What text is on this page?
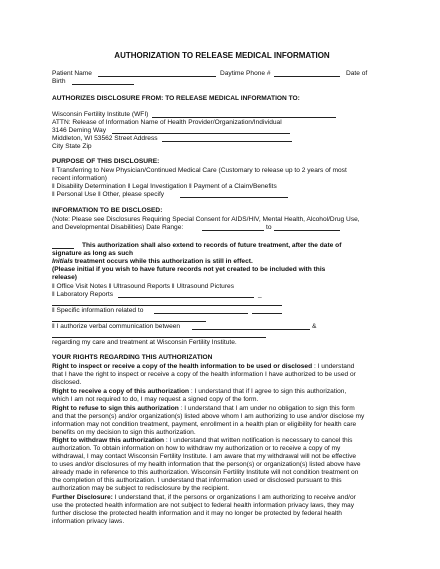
AUTHORIZATION TO RELEASE MEDICAL INFORMATION
Patient Name	Daytime Phone #	Date of
Birth
AUTHORIZES DISCLOSURE FROM: TO RELEASE MEDICAL INFORMATION TO:
Wisconsin Fertility Institute (WFI)
ATTN: Release of Information Name of Health Provider/Organization/Individual
3146 Deming Way
Middleton, WI 53562 Street Address
City State Zip
PURPOSE OF THIS DISCLOSURE:
‖ Transferring to New Physician/Continued Medical Care (Customary to release up to 2 years of most
recent information)
‖ Disability Determination ‖ Legal Investigation ‖ Payment of a Claim/Benefits
‖ Personal Use ‖ Other, please specify
INFORMATION TO BE DISCLOSED:
(Note: Please see Disclosures Requiring Special Consent for AIDS/HIV, Mental Health, Alcohol/Drug Use,
and Developmental Disabilities) Date Range:	to
This authorization shall also extend to records of future treatment, after the date of
signature as long as such
Initials treatment occurs while this authorization is still in effect.
(Please initial if you wish to have future records not yet created to be included with this
release)
‖ Office Visit Notes ‖ Ultrasound Reports ‖ Ultrasound Pictures
‖ Laboratory Reports	_
‖ Specific information related to
‖ I authorize verbal communication between	&
regarding my care and treatment at Wisconsin Fertility Institute.
YOUR RIGHTS REGARDING THIS AUTHORIZATION
Right to inspect or receive a copy of the health information to be used or disclosed : I understand
that I have the right to inspect or receive a copy of the health information I have authorized to be used or
disclosed.
Right to receive a copy of this authorization : I understand that if I agree to sign this authorization,
which I am not required to do, I may request a signed copy of the form.
Right to refuse to sign this authorization : I understand that I am under no obligation to sign this form
and that the person(s) and/or organization(s) listed above whom I am authorizing to use and/or disclose my
information may not condition treatment, payment, enrollment in a health plan or eligibility for health care
benefits on my decision to sign this authorization.
Right to withdraw this authorization : I understand that written notification is necessary to cancel this
authorization. To obtain information on how to withdraw my authorization or to receive a copy of my
withdrawal, I may contact Wisconsin Fertility Institute. I am aware that my withdrawal will not be effective
to uses and/or disclosures of my health information that the person(s) or organization(s) listed above have
already made in reference to this authorization. Wisconsin Fertility Institute will not condition treatment on
the completion of this authorization. I understand that information used or disclosed pursuant to this
authorization may be subject to redisclosure by the recipient.
Further Disclosure: I understand that, if the persons or organizations I am authorizing to receive and/or
use the protected health information are not subject to federal health information privacy laws, they may
further disclose the protected health information and it may no longer be protected by federal health
information privacy laws.
